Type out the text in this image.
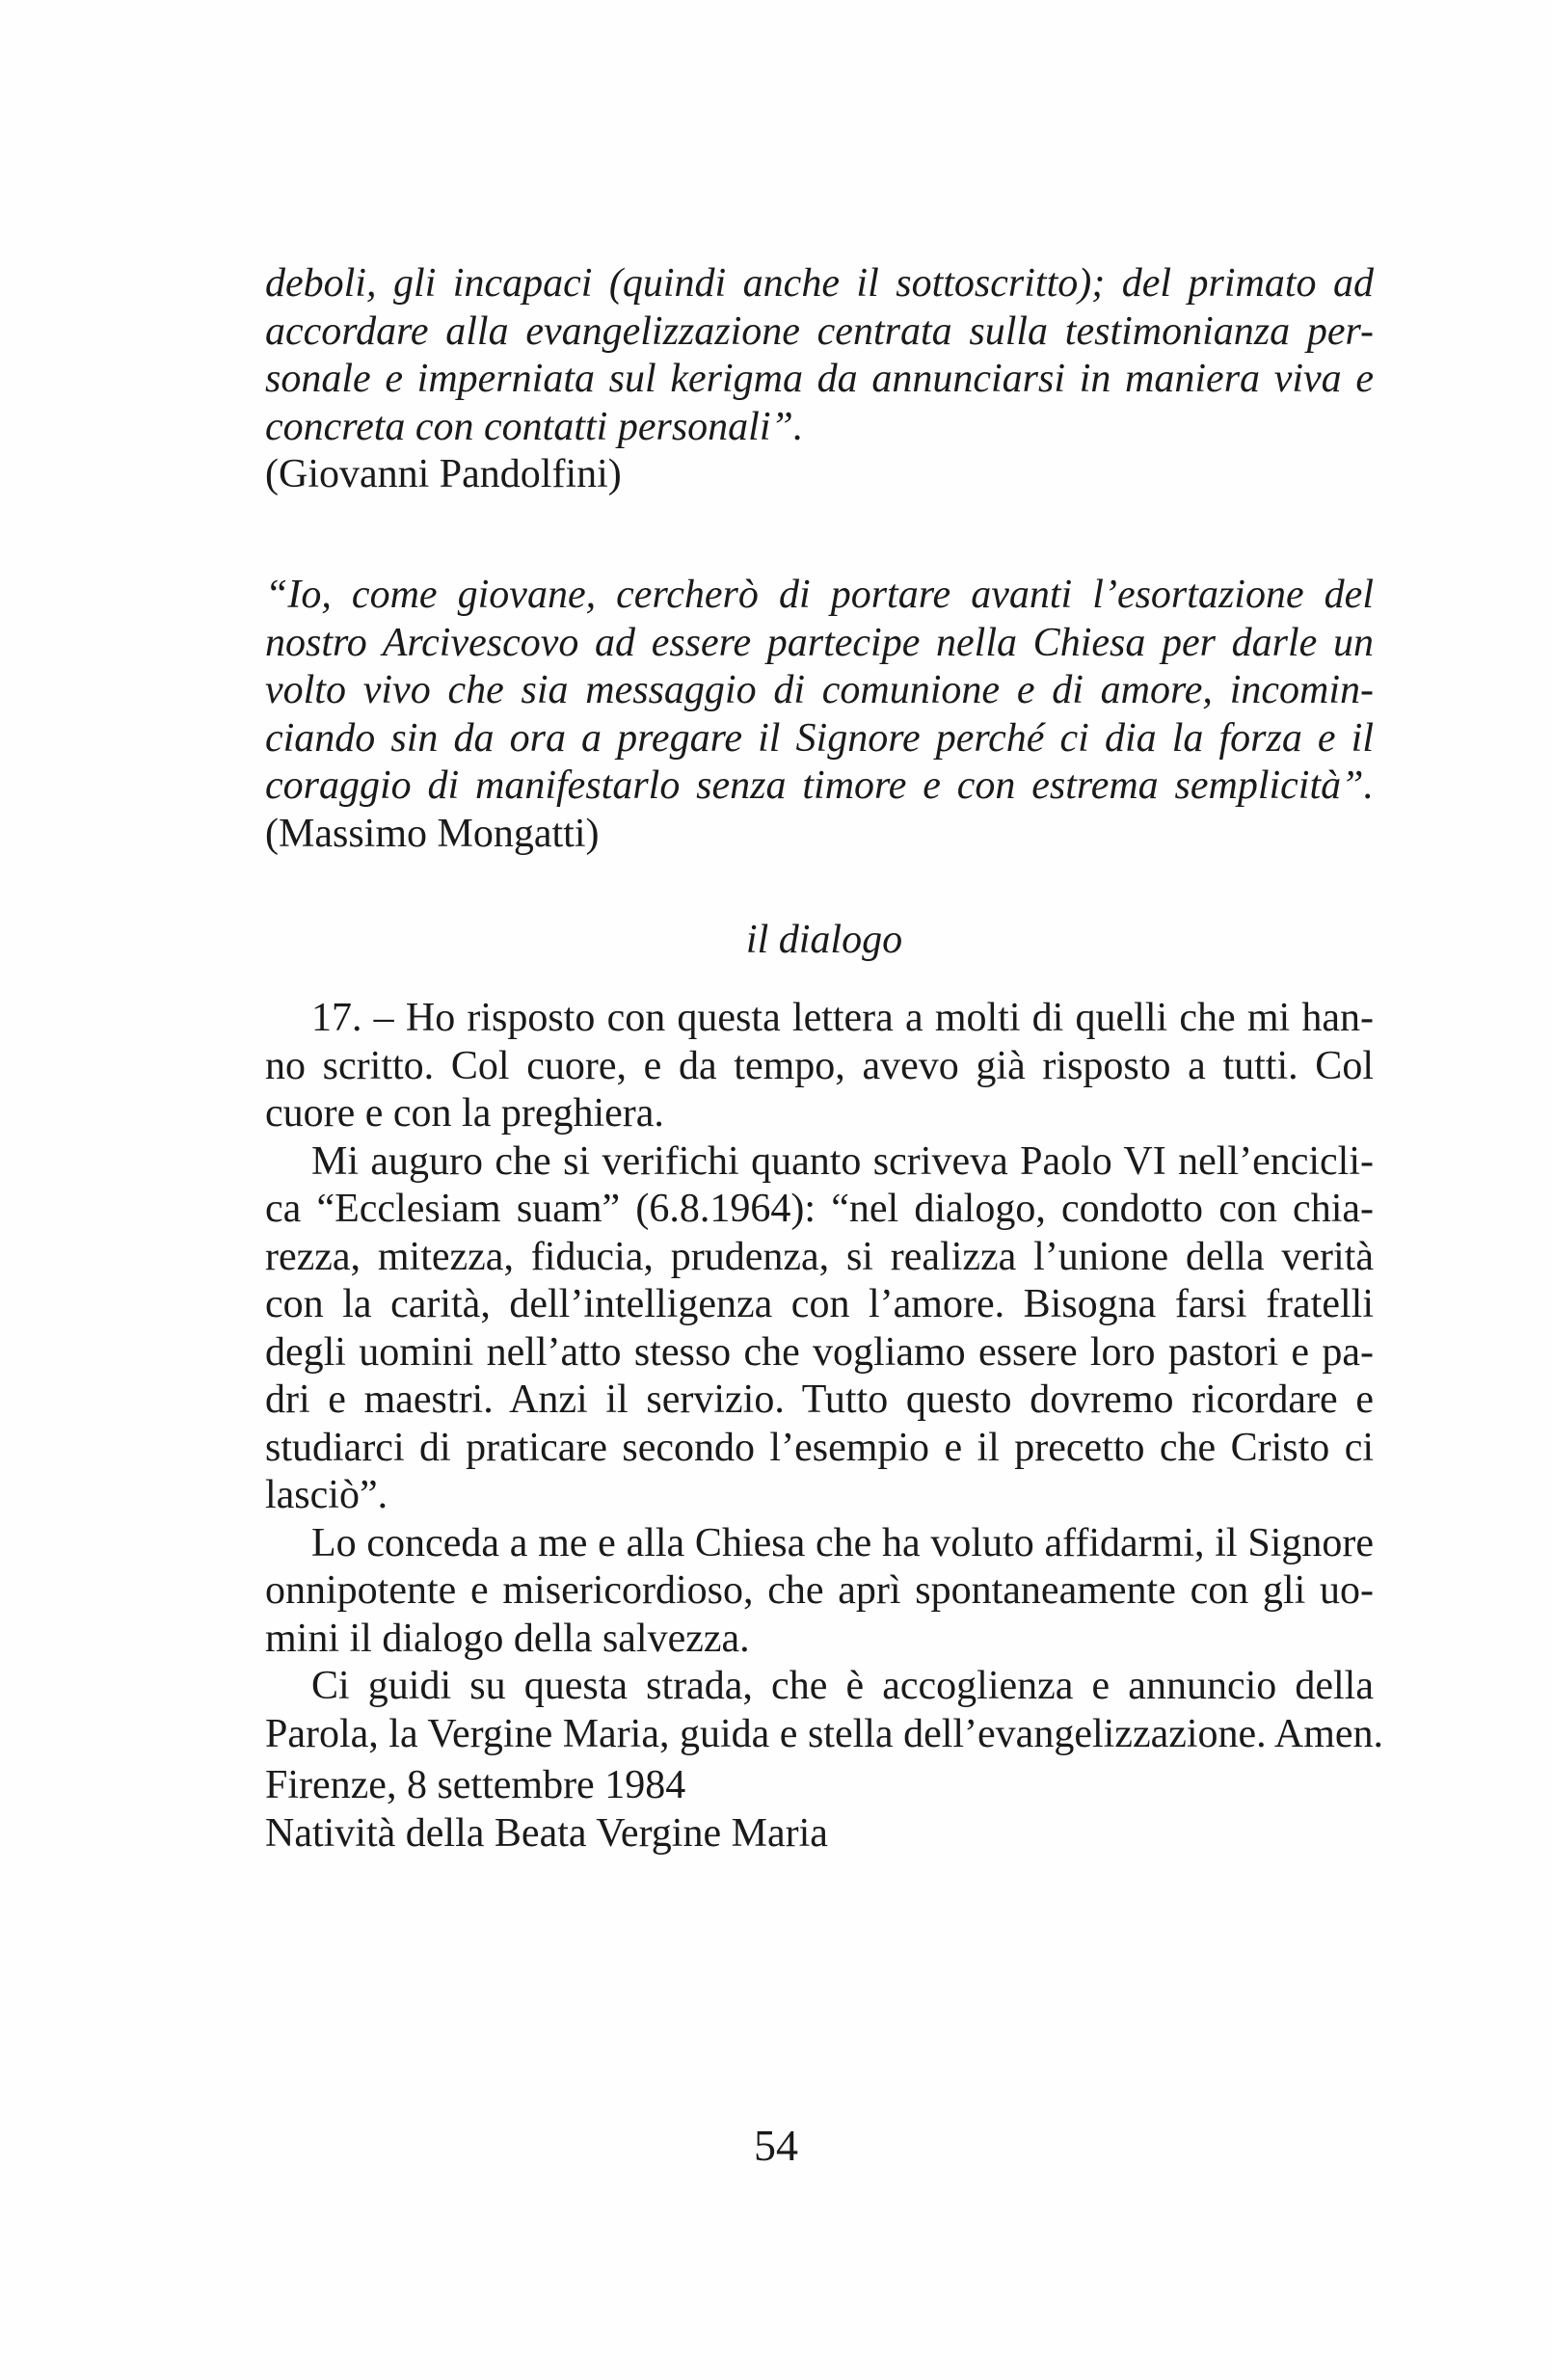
deboli, gli incapaci (quindi anche il sottoscritto); del primato ad
accordare alla evangelizzazione centrata sulla testimonianza per-
sonale e imperniata sul kerigma da annunciarsi in maniera viva e
concreta con contatti personali”.
(Giovanni Pandolfini)
“Io, come giovane, cercherò di portare avanti l’esortazione del
nostro Arcivescovo ad essere partecipe nella Chiesa per darle un
volto vivo che sia messaggio di comunione e di amore, incomin-
ciando sin da ora a pregare il Signore perché ci dia la forza e il
coraggio di manifestarlo senza timore e con estrema semplicità”.
(Massimo Mongatti)
il dialogo
17. – Ho risposto con questa lettera a molti di quelli che mi han-
no scritto. Col cuore, e da tempo, avevo già risposto a tutti. Col
cuore e con la preghiera.
Mi auguro che si verifichi quanto scriveva Paolo VI nell’encicli-
ca “Ecclesiam suam” (6.8.1964): “nel dialogo, condotto con chia-
rezza, mitezza, fiducia, prudenza, si realizza l’unione della verità
con la carità, dell’intelligenza con l’amore. Bisogna farsi fratelli
degli uomini nell’atto stesso che vogliamo essere loro pastori e pa-
dri e maestri. Anzi il servizio. Tutto questo dovremo ricordare e
studiarci di praticare secondo l’esempio e il precetto che Cristo ci
lasciò”.
Lo conceda a me e alla Chiesa che ha voluto affidarmi, il Signore
onnipotente e misericordioso, che aprì spontaneamente con gli uo-
mini il dialogo della salvezza.
Ci guidi su questa strada, che è accoglienza e annuncio della
Parola, la Vergine Maria, guida e stella dell’evangelizzazione. Amen.
Firenze, 8 settembre 1984
Natività della Beata Vergine Maria
54
